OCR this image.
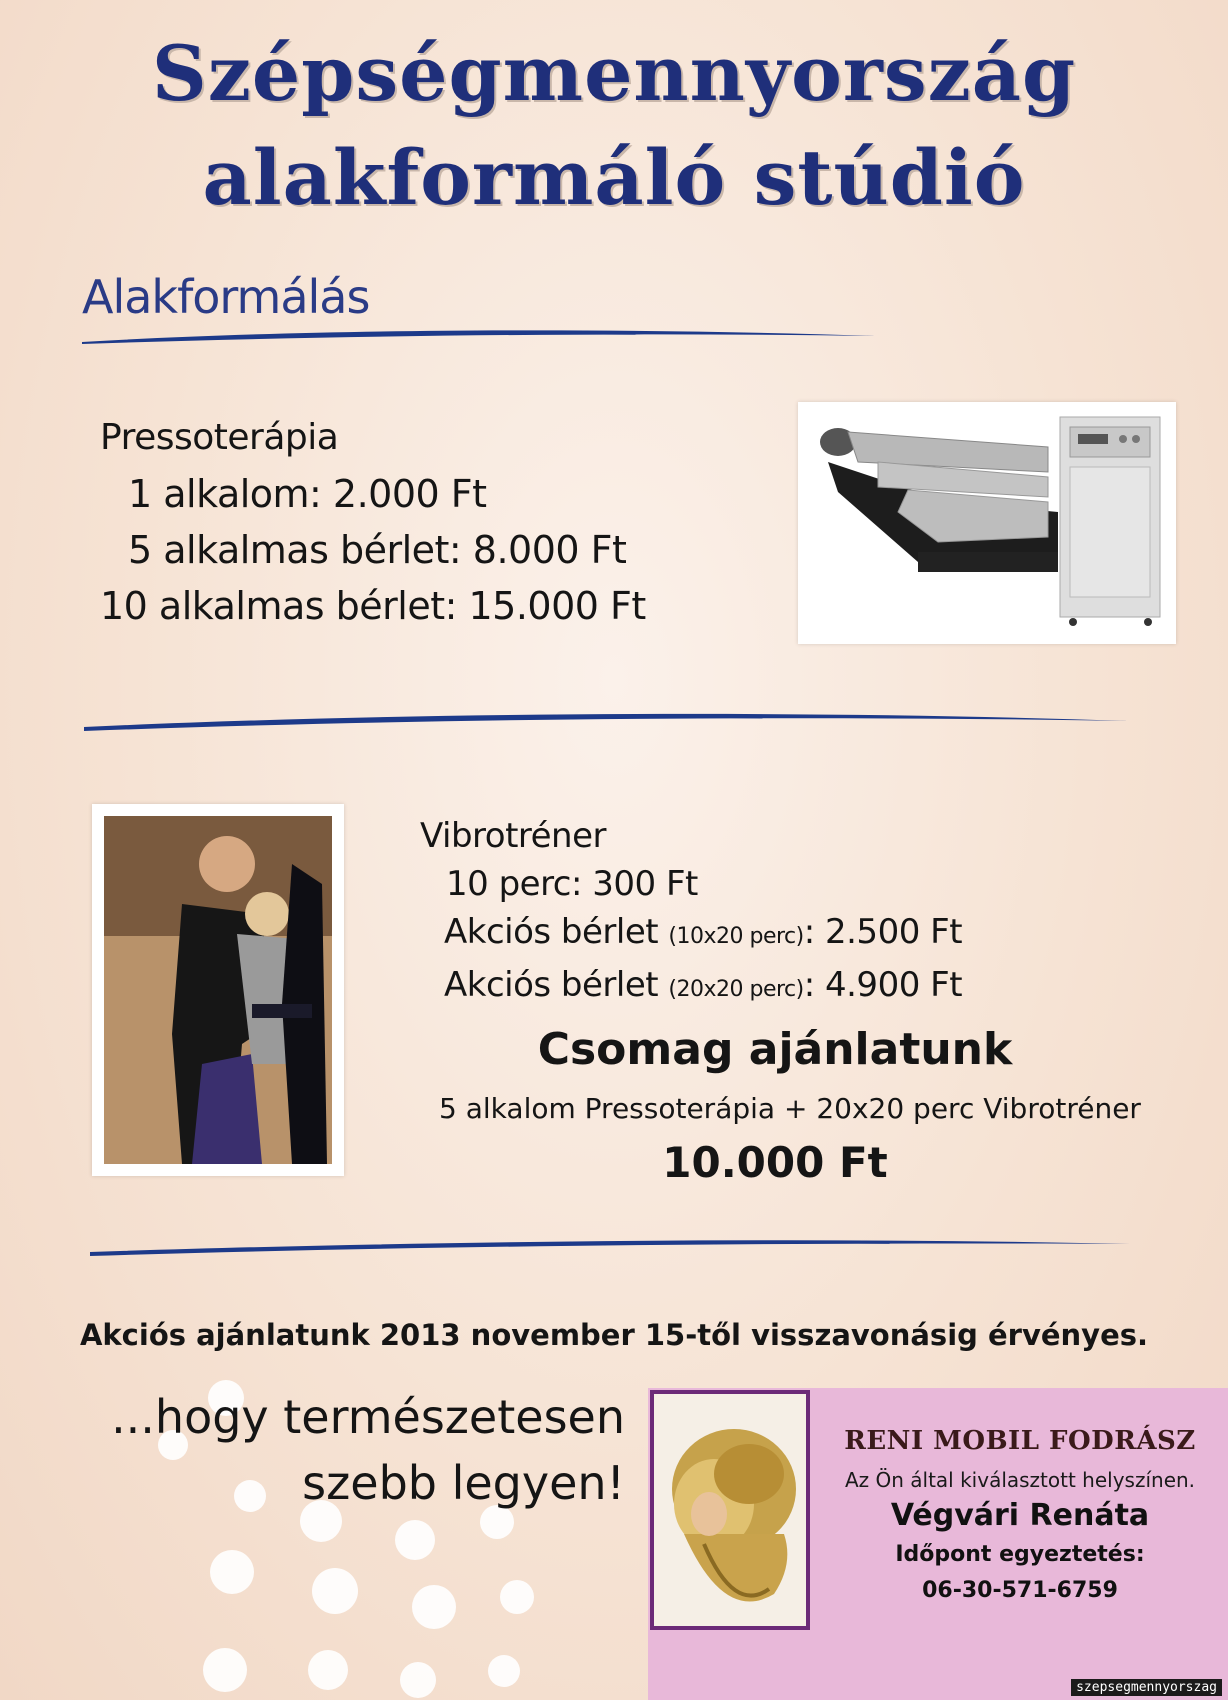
Szépségmennyország
alakformáló stúdió
Alakformálás
Pressoterápia
1 alkalom: 2.000 Ft
5 alkalmas bérlet: 8.000 Ft
10 alkalmas bérlet: 15.000 Ft
Vibrotréner
10 perc: 300 Ft
Akciós bérlet (10x20 perc): 2.500 Ft
Akciós bérlet (20x20 perc): 4.900 Ft
Csomag ajánlatunk
5 alkalom Pressoterápia + 20x20 perc Vibrotréner
10.000 Ft
Akciós ajánlatunk 2013 november 15-től visszavonásig érvényes.
...hogy természetesen
szebb legyen!
RENI MOBIL FODRÁSZ
Az Ön által kiválasztott helyszínen.
Végvári Renáta
Időpont egyeztetés:
06-30-571-6759
szepsegmennyorszag
